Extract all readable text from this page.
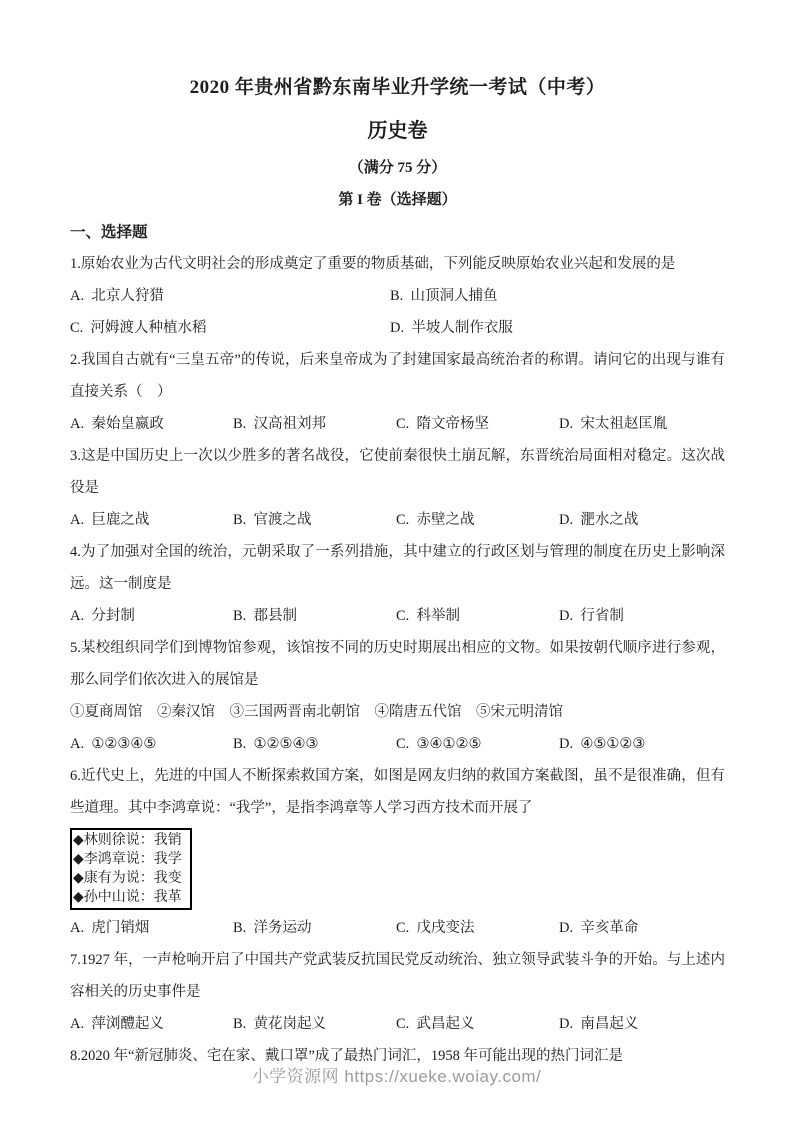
2020 年贵州省黔东南毕业升学统一考试（中考）
历史卷

（满分 75 分）

第 I 卷（选择题）

一、选择题

1.原始农业为古代文明社会的形成奠定了重要的物质基础，下列能反映原始农业兴起和发展的是

A.  北京人狩猎	B.  山顶洞人捕鱼
C.  河姆渡人种植水稻	D.  半坡人制作衣服

2.我国自古就有“三皇五帝”的传说，后来皇帝成为了封建国家最高统治者的称谓。请问它的出现与谁有直接关系（　）

A.  秦始皇嬴政	B.  汉高祖刘邦	C.  隋文帝杨坚	D.  宋太祖赵匡胤

3.这是中国历史上一次以少胜多的著名战役，它使前秦很快土崩瓦解，东晋统治局面相对稳定。这次战役是

A.  巨鹿之战	B.  官渡之战	C.  赤壁之战	D.  淝水之战

4.为了加强对全国的统治，元朝采取了一系列措施，其中建立的行政区划与管理的制度在历史上影响深远。这一制度是

A.  分封制	B.  郡县制	C.  科举制	D.  行省制

5.某校组织同学们到博物馆参观，该馆按不同的历史时期展出相应的文物。如果按朝代顺序进行参观，那么同学们依次进入的展馆是

①夏商周馆　②秦汉馆　③三国两晋南北朝馆　④隋唐五代馆　⑤宋元明清馆

A.  ①②③④⑤	B.  ①②⑤④③	C.  ③④①②⑤	D.  ④⑤①②③

6.近代史上，先进的中国人不断探索救国方案，如图是网友归纳的救国方案截图，虽不是很准确，但有些道理。其中李鸿章说：“我学”，是指李鸿章等人学习西方技术而开展了

◆林则徐说：我销
◆李鸿章说：我学
◆康有为说：我变
◆孙中山说：我革
A.  虎门销烟	B.  洋务运动	C.  戊戌变法	D.  辛亥革命

7.1927 年，一声枪响开启了中国共产党武装反抗国民党反动统治、独立领导武装斗争的开始。与上述内容相关的历史事件是

A.  萍浏醴起义	B.  黄花岗起义	C.  武昌起义	D.  南昌起义

8.2020 年“新冠肺炎、宅在家、戴口罩”成了最热门词汇，1958 年可能出现的热门词汇是

小学资源网 https://xueke.woiay.com/
